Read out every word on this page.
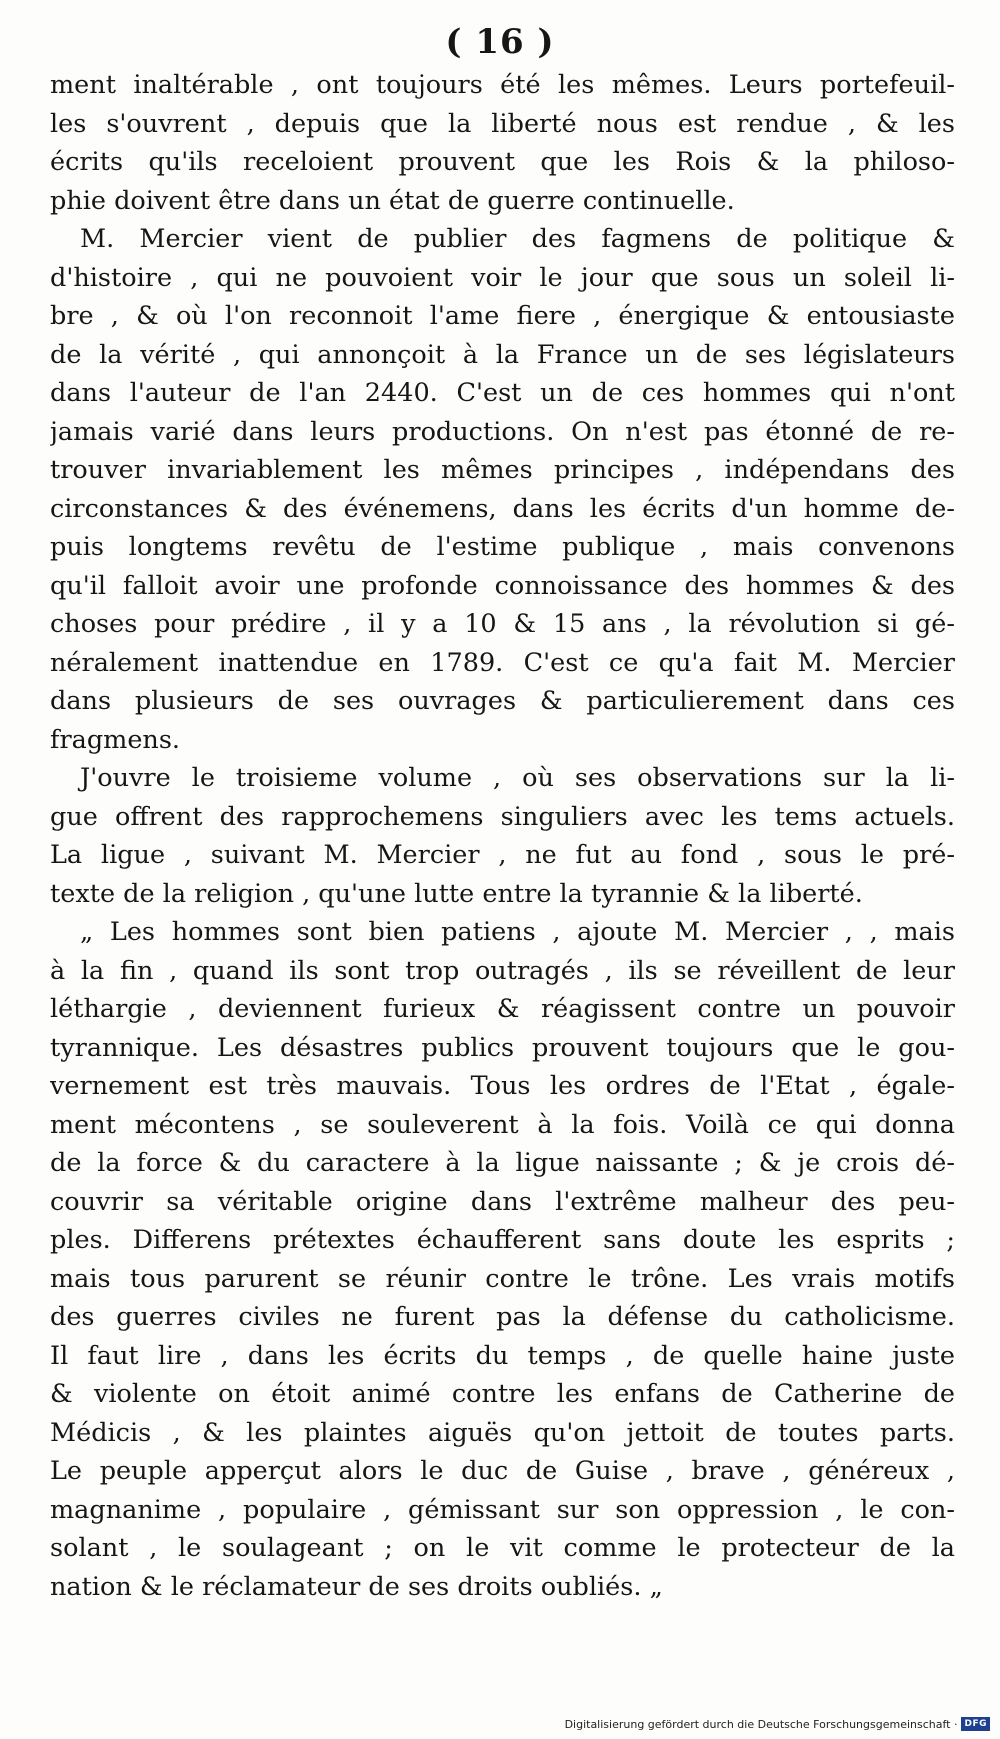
( 16 )
ment inaltérable , ont toujours été les mêmes. Leurs portefeuil-
les s'ouvrent , depuis que la liberté nous est rendue , & les
écrits qu'ils receloient prouvent que les Rois & la philoso-
phie doivent être dans un état de guerre continuelle.
M. Mercier vient de publier des fagmens de politique &
d'histoire , qui ne pouvoient voir le jour que sous un soleil li-
bre , & où l'on reconnoit l'ame fiere , énergique & entousiaste
de la vérité , qui annonçoit à la France un de ses législateurs
dans l'auteur de l'an 2440. C'est un de ces hommes qui n'ont
jamais varié dans leurs productions. On n'est pas étonné de re-
trouver invariablement les mêmes principes , indépendans des
circonstances & des événemens, dans les écrits d'un homme de-
puis longtems revêtu de l'estime publique , mais convenons
qu'il falloit avoir une profonde connoissance des hommes & des
choses pour prédire , il y a 10 & 15 ans , la révolution si gé-
néralement inattendue en 1789. C'est ce qu'a fait M. Mercier
dans plusieurs de ses ouvrages & particulierement dans ces
fragmens.
J'ouvre le troisieme volume , où ses observations sur la li-
gue offrent des rapprochemens singuliers avec les tems actuels.
La ligue , suivant M. Mercier , ne fut au fond , sous le pré-
texte de la religion , qu'une lutte entre la tyrannie & la liberté.
„ Les hommes sont bien patiens , ajoute M. Mercier , , mais
à la fin , quand ils sont trop outragés , ils se réveillent de leur
léthargie , deviennent furieux & réagissent contre un pouvoir
tyrannique. Les désastres publics prouvent toujours que le gou-
vernement est très mauvais. Tous les ordres de l'Etat , égale-
ment mécontens , se souleverent à la fois. Voilà ce qui donna
de la force & du caractere à la ligue naissante ; & je crois dé-
couvrir sa véritable origine dans l'extrême malheur des peu-
ples. Differens prétextes échaufferent sans doute les esprits ;
mais tous parurent se réunir contre le trône. Les vrais motifs
des guerres civiles ne furent pas la défense du catholicisme.
Il faut lire , dans les écrits du temps , de quelle haine juste
& violente on étoit animé contre les enfans de Catherine de
Médicis , & les plaintes aiguës qu'on jettoit de toutes parts.
Le peuple apperçut alors le duc de Guise , brave , généreux ,
magnanime , populaire , gémissant sur son oppression , le con-
solant , le soulageant ; on le vit comme le protecteur de la
nation & le réclamateur de ses droits oubliés. „
Digitalisierung gefördert durch die Deutsche Forschungsgemeinschaft · DFG
